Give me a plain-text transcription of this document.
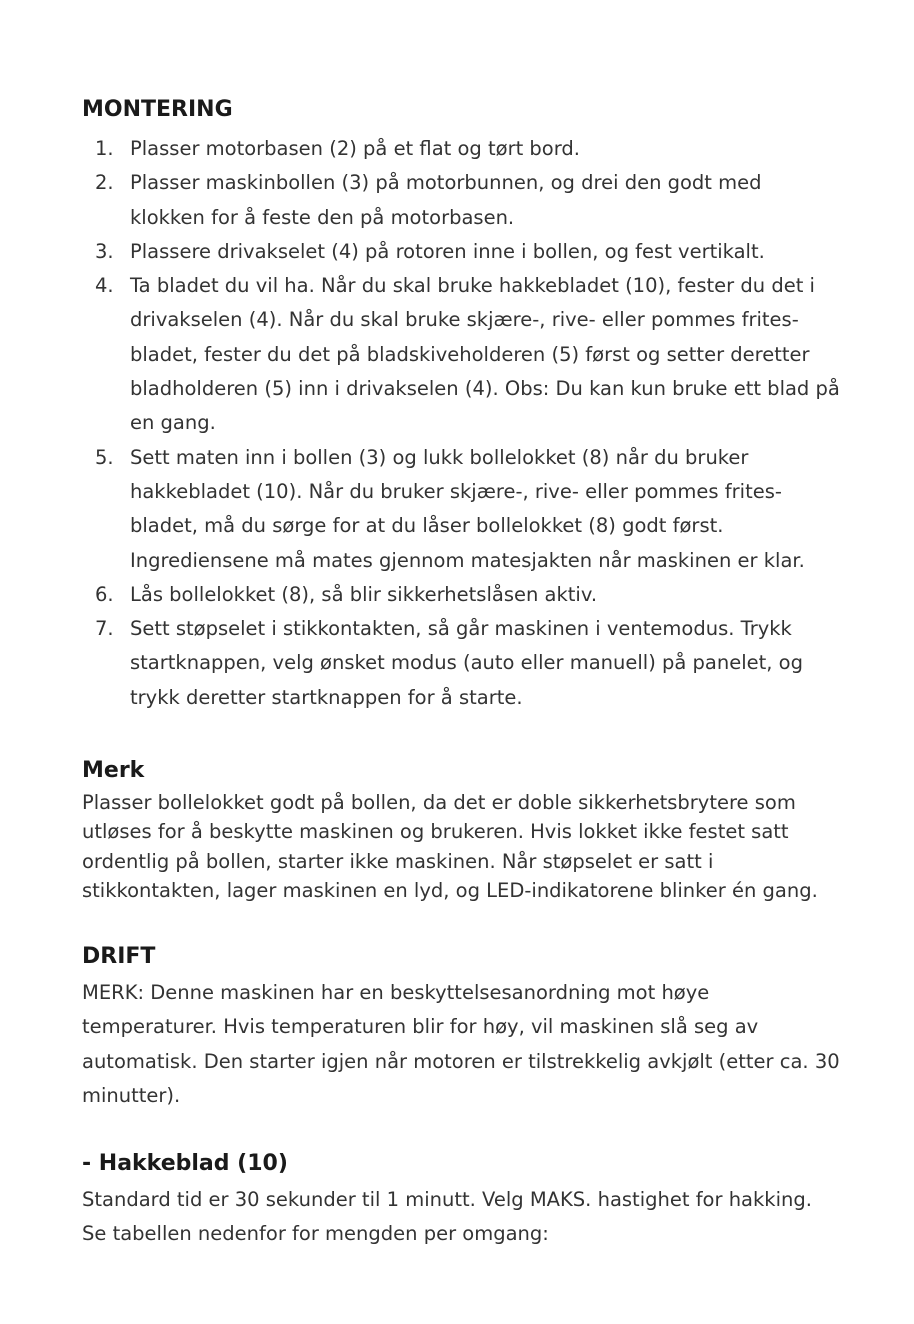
MONTERING
1. Plasser motorbasen (2) på et flat og tørt bord.
2. Plasser maskinbollen (3) på motorbunnen, og drei den godt med klokken for å feste den på motorbasen.
3. Plassere drivakselet (4) på rotoren inne i bollen, og fest vertikalt.
4. Ta bladet du vil ha. Når du skal bruke hakkebladet (10), fester du det i drivakselen (4). Når du skal bruke skjære-, rive- eller pommes frites-bladet, fester du det på bladskiveholderen (5) først og setter deretter bladholderen (5) inn i drivakselen (4). Obs: Du kan kun bruke ett blad på en gang.
5. Sett maten inn i bollen (3) og lukk bollelokket (8) når du bruker hakkebladet (10). Når du bruker skjære-, rive- eller pommes frites-bladet, må du sørge for at du låser bollelokket (8) godt først. Ingrediensene må mates gjennom matesjakten når maskinen er klar.
6. Lås bollelokket (8), så blir sikkerhetslåsen aktiv.
7. Sett støpselet i stikkontakten, så går maskinen i ventemodus. Trykk startknappen, velg ønsket modus (auto eller manuell) på panelet, og trykk deretter startknappen for å starte.
Merk

Plasser bollelokket godt på bollen, da det er doble sikkerhetsbrytere som utløses for å beskytte maskinen og brukeren. Hvis lokket ikke festet satt ordentlig på bollen, starter ikke maskinen. Når støpselet er satt i stikkontakten, lager maskinen en lyd, og LED-indikatorene blinker én gang.

DRIFT

MERK: Denne maskinen har en beskyttelsesanordning mot høye temperaturer. Hvis temperaturen blir for høy, vil maskinen slå seg av automatisk. Den starter igjen når motoren er tilstrekkelig avkjølt (etter ca. 30 minutter).

- Hakkeblad (10)

Standard tid er 30 sekunder til 1 minutt. Velg MAKS. hastighet for hakking. Se tabellen nedenfor for mengden per omgang:
